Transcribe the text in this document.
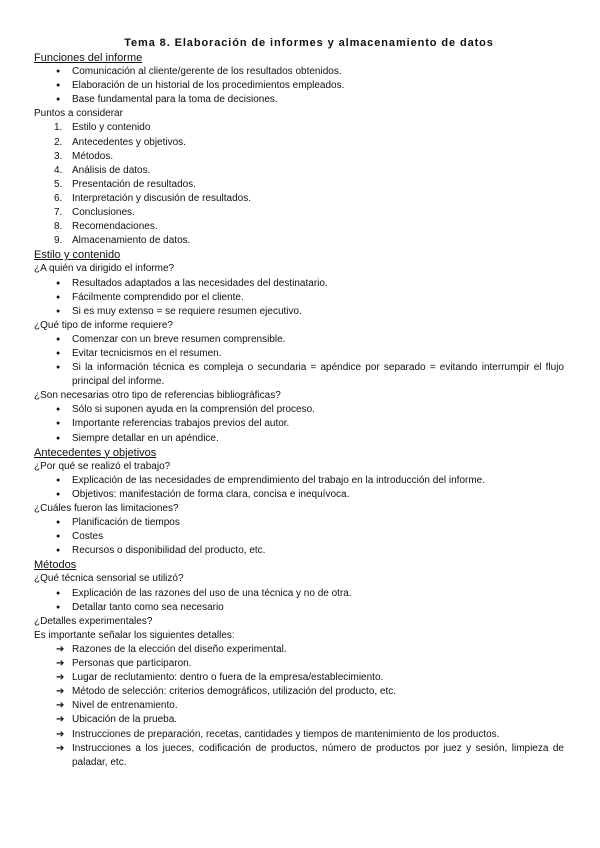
Tema 8. Elaboración de informes y almacenamiento de datos
Funciones del informe
●	Comunicación al cliente/gerente de los resultados obtenidos.
●	Elaboración de un historial de los procedimientos empleados.
●	Base fundamental para la toma de decisiones.
Puntos a considerar
1. Estilo y contenido
2. Antecedentes y objetivos.
3. Métodos.
4. Análisis de datos.
5. Presentación de resultados.
6. Interpretación y discusión de resultados.
7. Conclusiones.
8. Recomendaciones.
9. Almacenamiento de datos.
Estilo y contenido
¿A quién va dirigido el informe?
●	Resultados adaptados a las necesidades del destinatario.
●	Fácilmente comprendido por el cliente.
●	Si es muy extenso = se requiere resumen ejecutivo.
¿Qué tipo de informe requiere?
●	Comenzar con un breve resumen comprensible.
●	Evitar tecnicismos en el resumen.
●	Si la información técnica es compleja o secundaria = apéndice por separado = evitando interrumpir el flujo principal del informe.
¿Son necesarias otro tipo de referencias bibliográficas?
●	Sólo si suponen ayuda en la comprensión del proceso.
●	Importante referencias trabajos previos del autor.
●	Siempre detallar en un apéndice.
Antecedentes y objetivos
¿Por qué se realizó el trabajo?
●	Explicación de las necesidades de emprendimiento del trabajo en la introducción del informe.
●	Objetivos: manifestación de forma clara, concisa e inequívoca.
¿Cuáles fueron las limitaciones?
●	Planificación de tiempos
●	Costes
●	Recursos o disponibilidad del producto, etc.
Métodos
¿Qué técnica sensorial se utilizó?
●	Explicación de las razones del uso de una técnica y no de otra.
●	Detallar tanto como sea necesario
¿Detalles experimentales?
Es importante señalar los siguientes detalles:
➔ Razones de la elección del diseño experimental.
➔ Personas que participaron.
➔ Lugar de reclutamiento: dentro o fuera de la empresa/establecimiento.
➔ Método de selección: criterios demográficos, utilización del producto, etc.
➔ Nivel de entrenamiento.
➔ Ubicación de la prueba.
➔ Instrucciones de preparación, recetas, cantidades y tiempos de mantenimiento de los productos.
➔ Instrucciones a los jueces, codificación de productos, número de productos por juez y sesión, limpieza de paladar, etc.
